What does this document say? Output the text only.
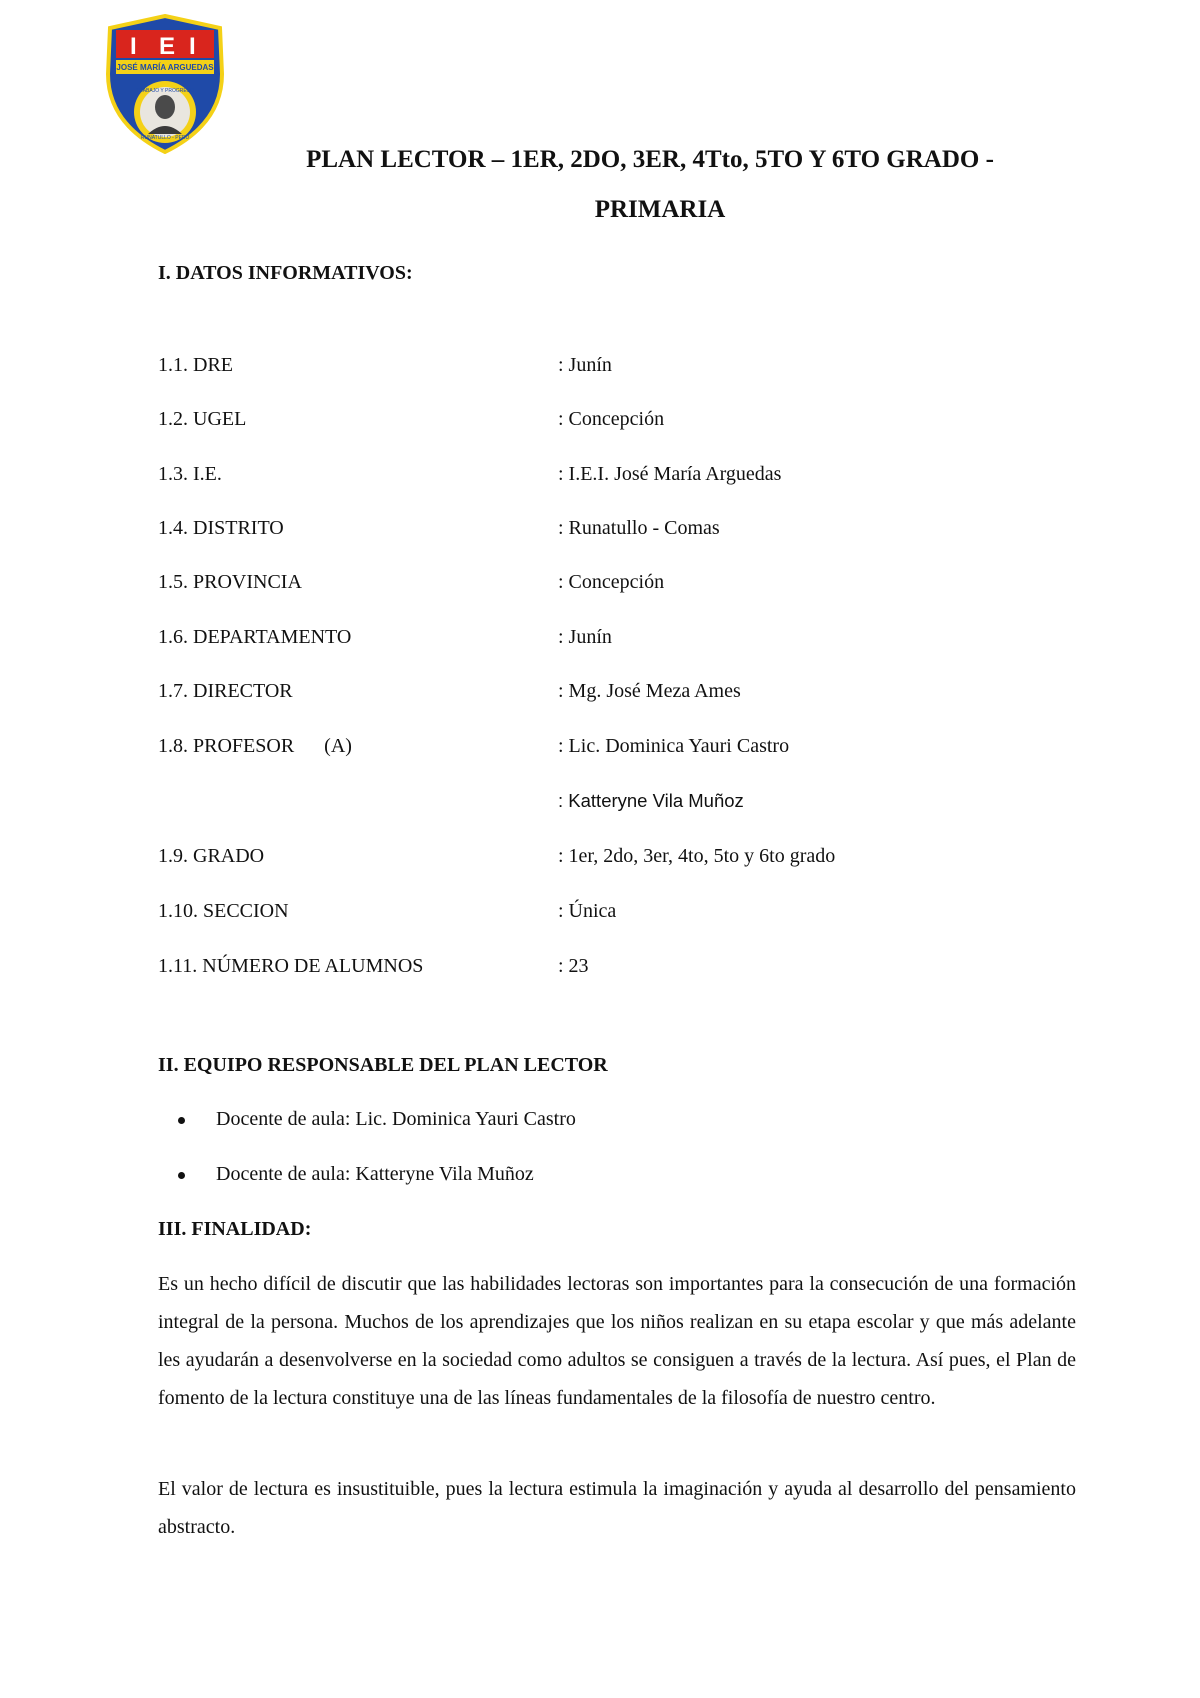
I E I
JOSÉ MARÍA ARGUEDAS
TRABAJO Y PROGRESO
RUNATULLO - PERÚ
PLAN LECTOR – 1ER, 2DO, 3ER, 4Tto, 5TO Y 6TO GRADO -
PRIMARIA
I. DATOS INFORMATIVOS:
1.1. DRE	: Junín
1.2. UGEL	: Concepción
1.3. I.E.	: I.E.I. José María Arguedas
1.4. DISTRITO	: Runatullo - Comas
1.5. PROVINCIA	: Concepción
1.6. DEPARTAMENTO	: Junín
1.7. DIRECTOR	: Mg. José Meza Ames
1.8. PROFESOR      (A)	: Lic. Dominica Yauri Castro
: Katteryne Vila Muñoz
1.9. GRADO	: 1er, 2do, 3er, 4to, 5to y 6to grado
1.10. SECCION	: Única
1.11. NÚMERO DE ALUMNOS	: 23
II. EQUIPO RESPONSABLE DEL PLAN LECTOR
Docente de aula: Lic. Dominica Yauri Castro
Docente de aula: Katteryne Vila Muñoz
III. FINALIDAD:

Es un hecho difícil de discutir que las habilidades lectoras son importantes para la consecución de una formación integral de la persona. Muchos de los aprendizajes que los niños realizan en su etapa escolar y que más adelante les ayudarán a desenvolverse en la sociedad como adultos se consiguen a través de la lectura. Así pues, el Plan de fomento de la lectura constituye una de las líneas fundamentales de la filosofía de nuestro centro.

El valor de lectura es insustituible, pues la lectura estimula la imaginación y ayuda al desarrollo del pensamiento abstracto.
